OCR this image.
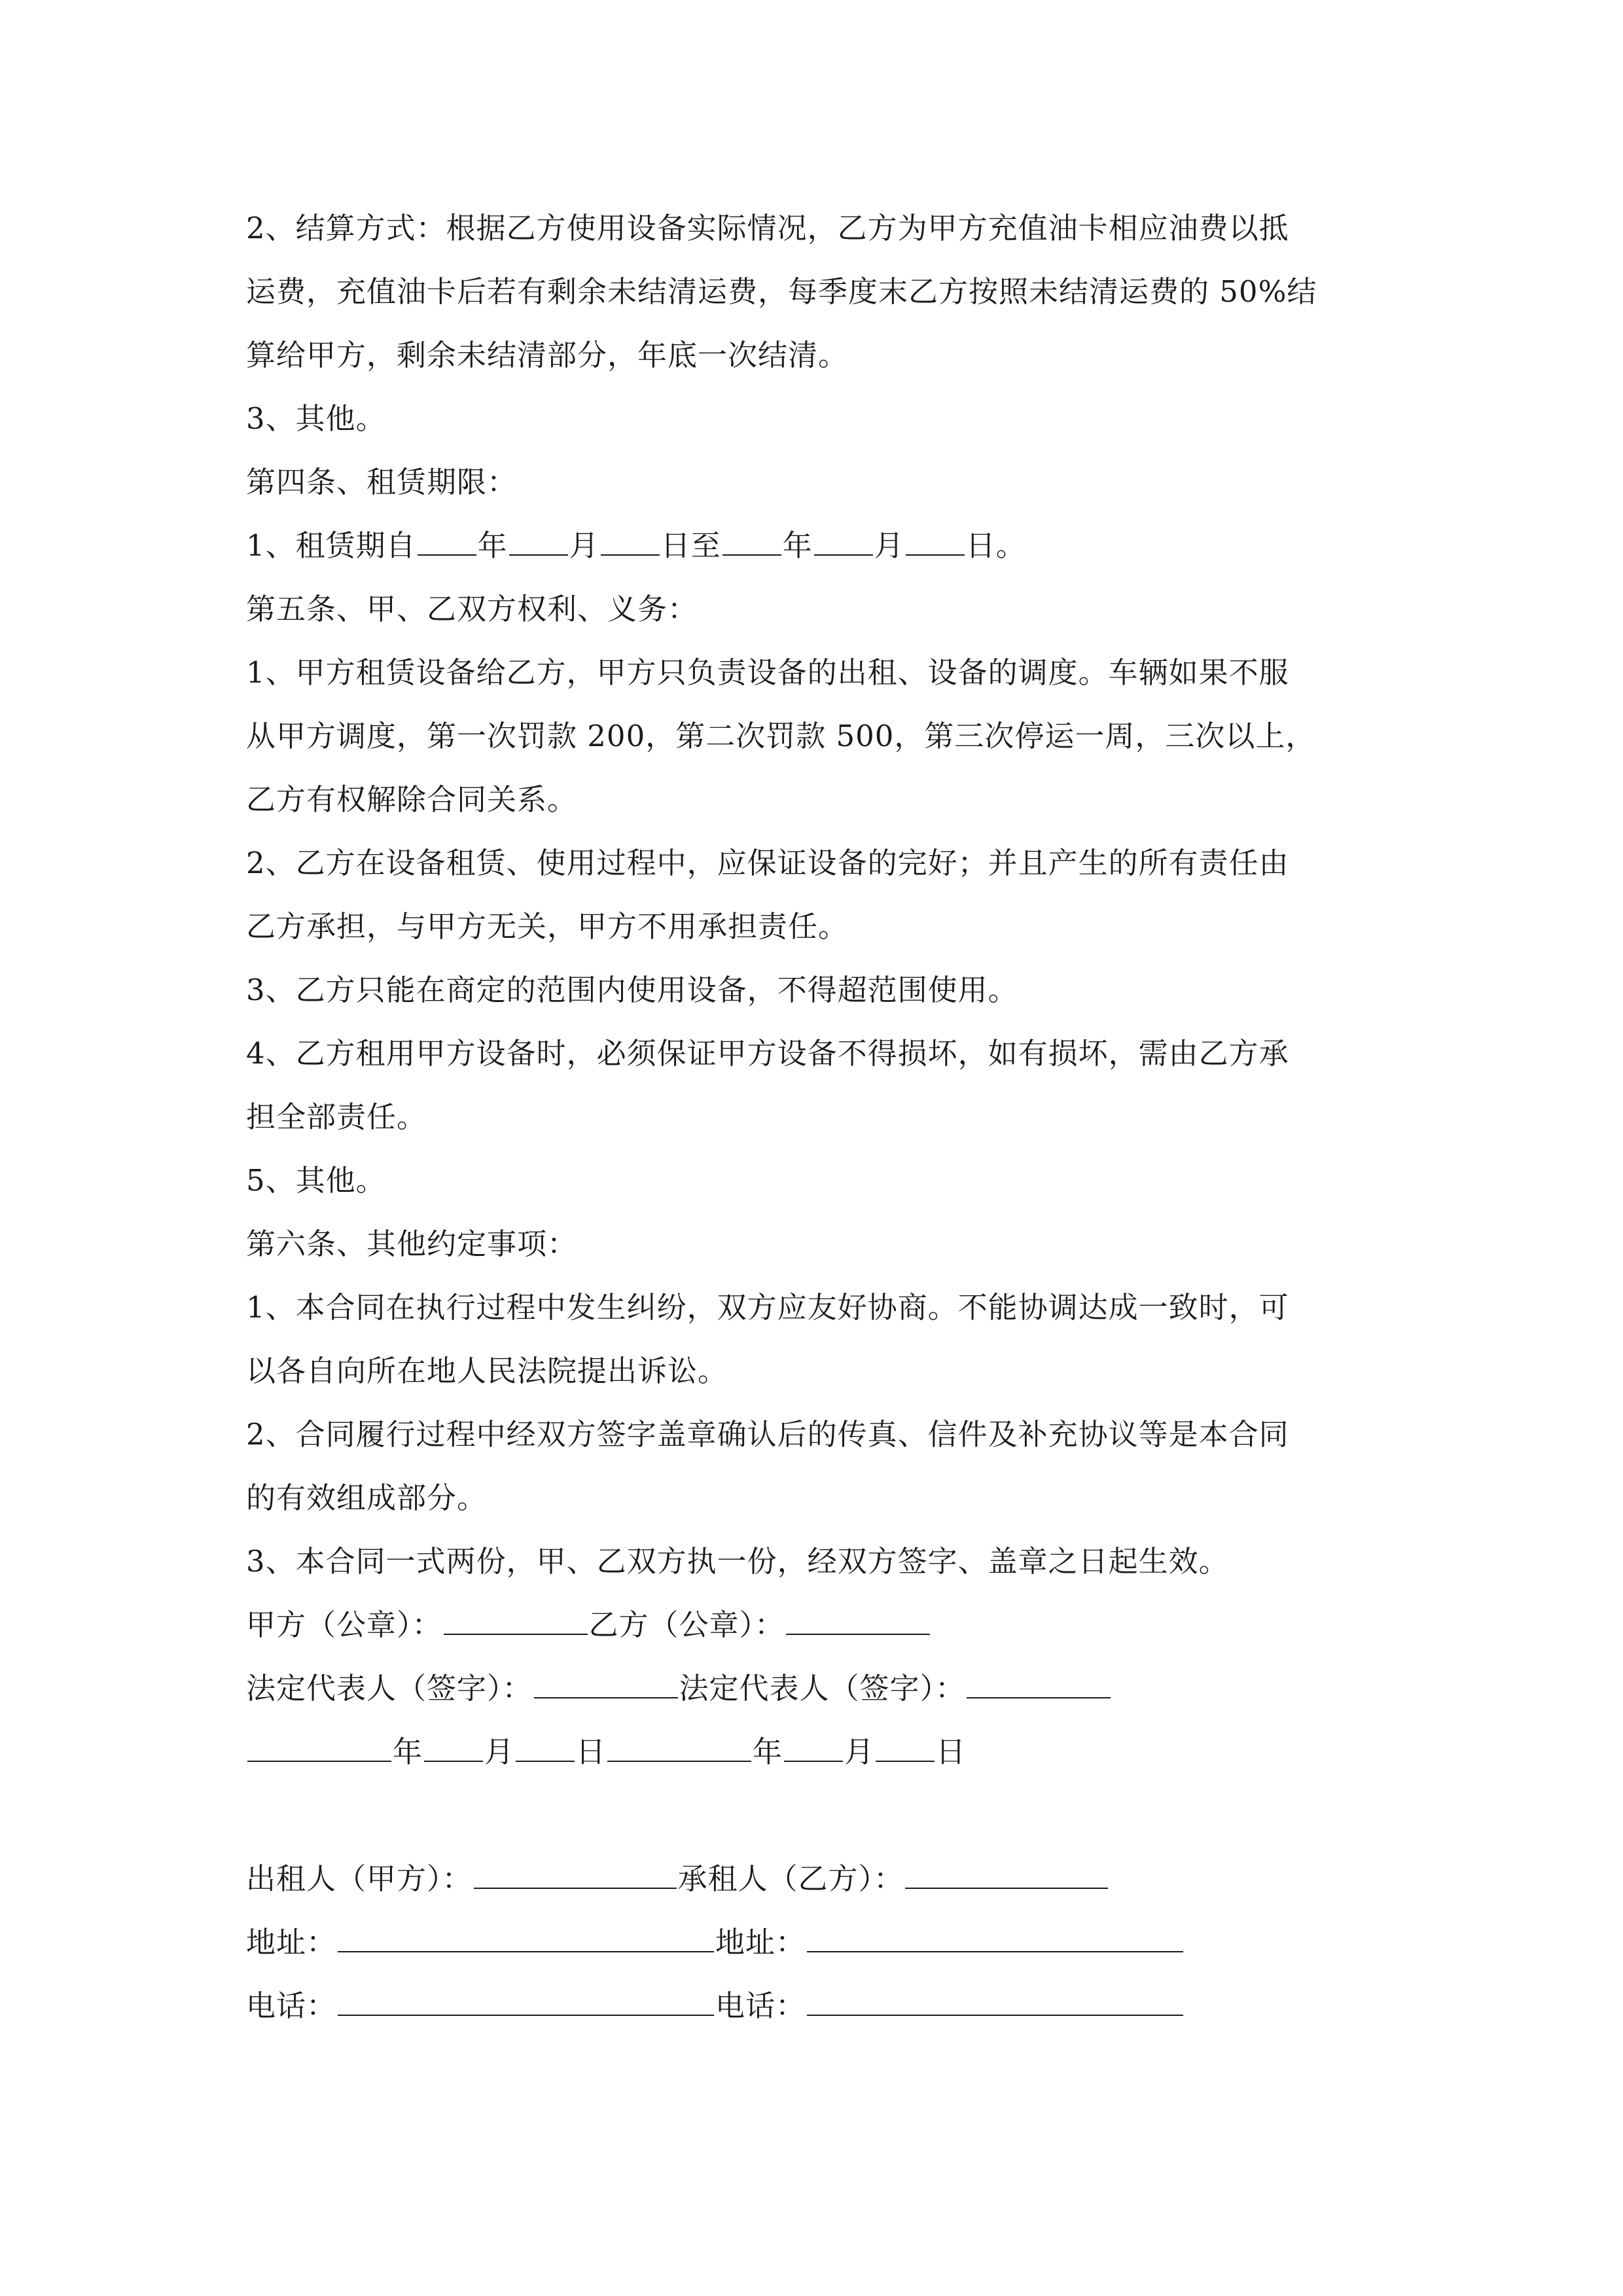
2、结算方式：根据乙方使用设备实际情况，乙方为甲方充值油卡相应油费以抵
运费，充值油卡后若有剩余未结清运费，每季度末乙方按照未结清运费的 50%结
算给甲方，剩余未结清部分，年底一次结清。
3、其他。
第四条、租赁期限：
1、租赁期自 年 月 日至 年 月 日。
第五条、甲、乙双方权利、义务：
1、甲方租赁设备给乙方，甲方只负责设备的出租、设备的调度。车辆如果不服
从甲方调度，第一次罚款 200，第二次罚款 500，第三次停运一周，三次以上，
乙方有权解除合同关系。
2、乙方在设备租赁、使用过程中，应保证设备的完好；并且产生的所有责任由
乙方承担，与甲方无关，甲方不用承担责任。
3、乙方只能在商定的范围内使用设备，不得超范围使用。
4、乙方租用甲方设备时，必须保证甲方设备不得损坏，如有损坏，需由乙方承
担全部责任。
5、其他。
第六条、其他约定事项：
1、本合同在执行过程中发生纠纷，双方应友好协商。不能协调达成一致时，可
以各自向所在地人民法院提出诉讼。
2、合同履行过程中经双方签字盖章确认后的传真、信件及补充协议等是本合同
的有效组成部分。
3、本合同一式两份，甲、乙双方执一份，经双方签字、盖章之日起生效。
甲方（公章）：	乙方（公章）：
法定代表人（签字）：	法定代表人（签字）：
年 月 日	年 月 日
出租人（甲方）：	承租人（乙方）：
地址：	地址：
电话：	电话：
